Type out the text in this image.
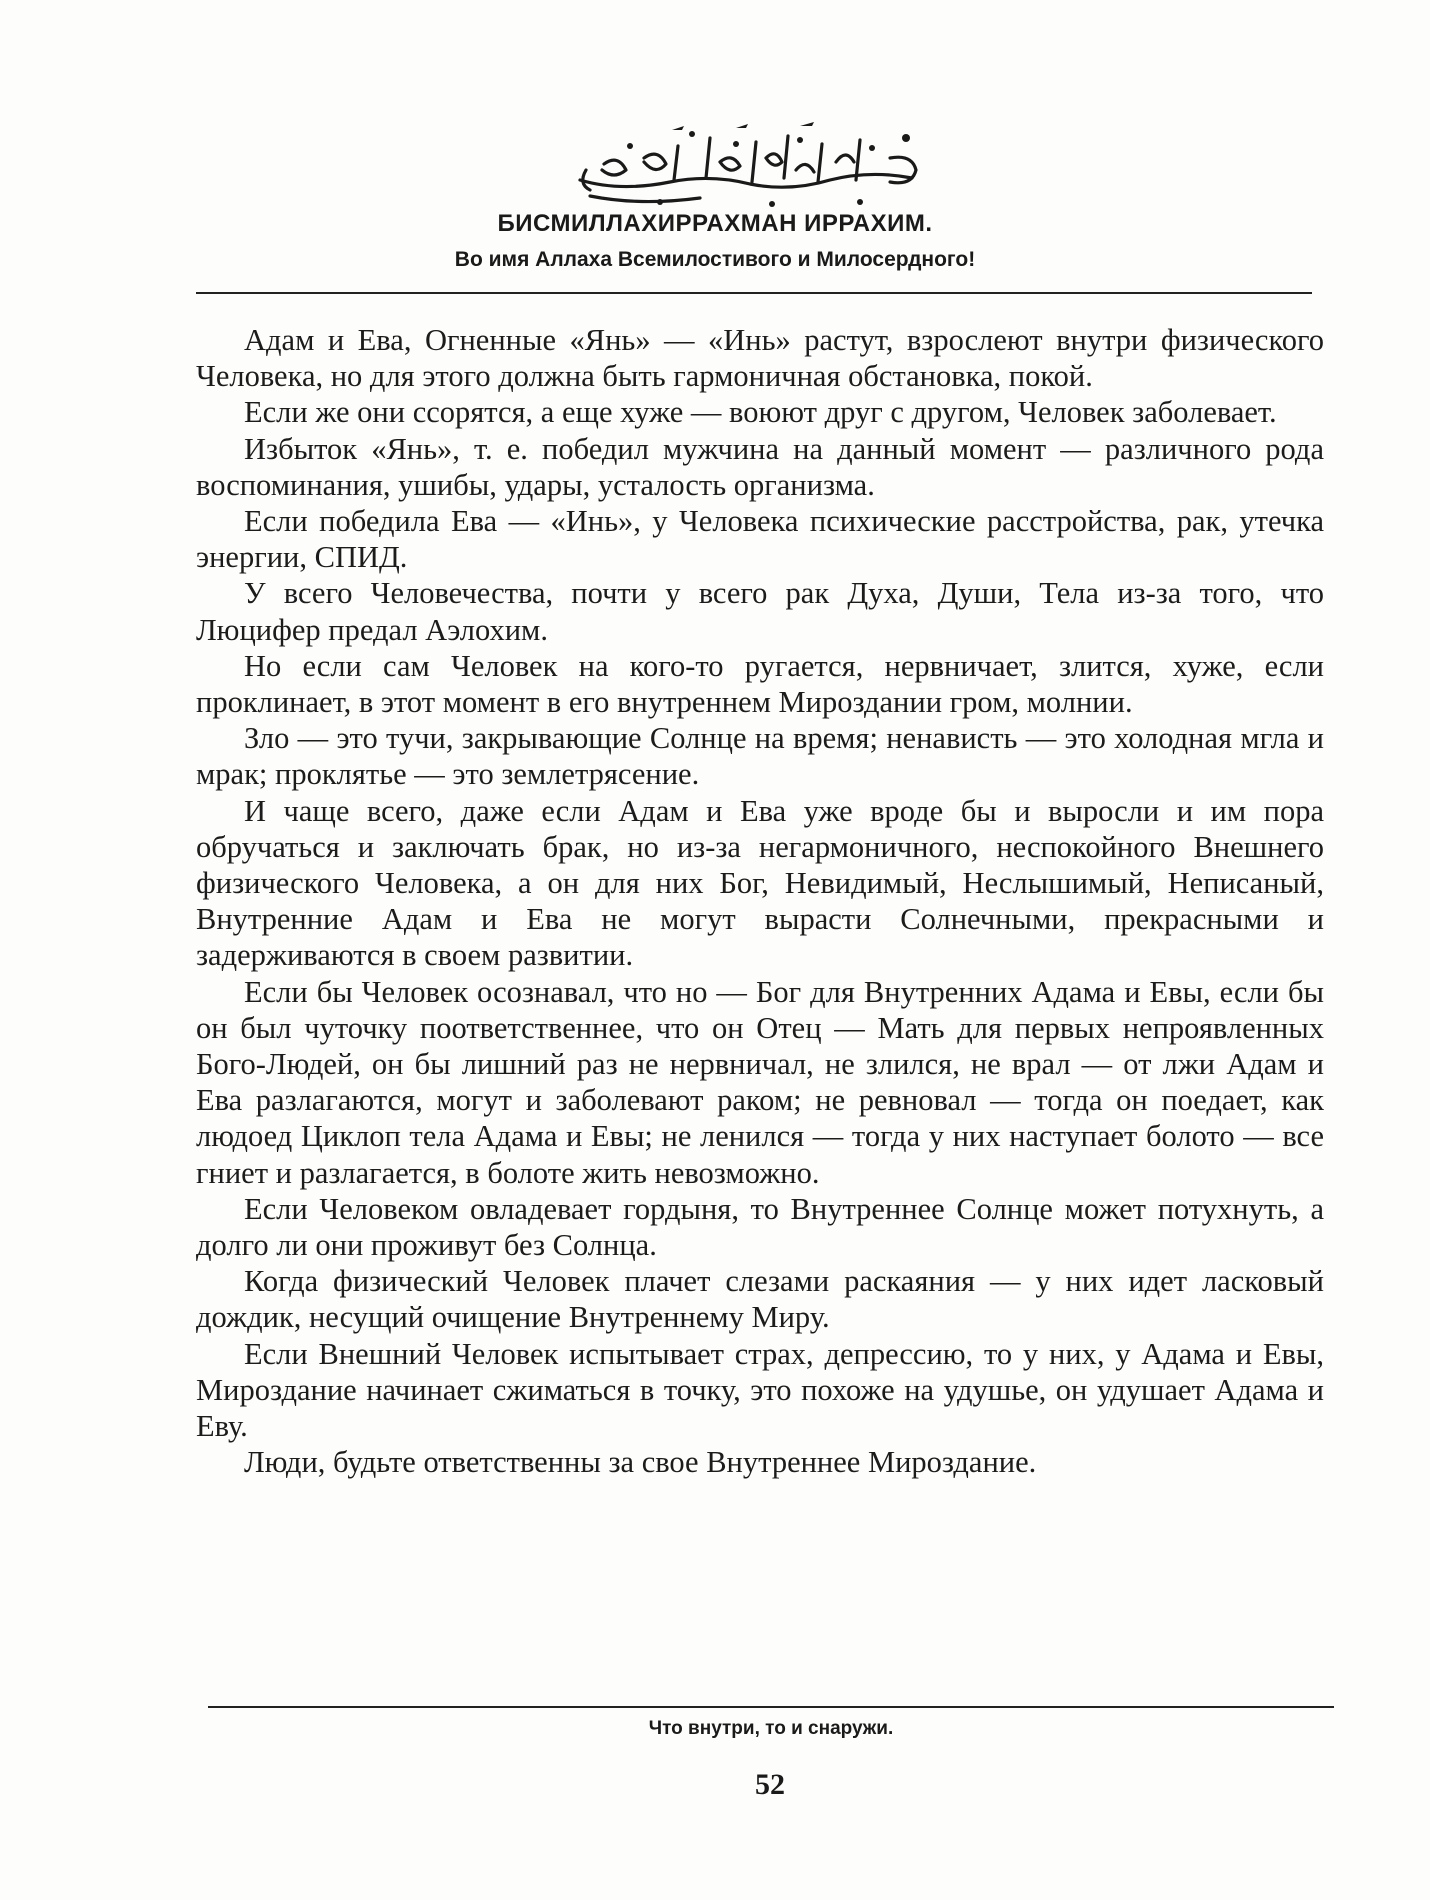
БИСМИЛЛАХИРРАХМАН ИРРАХИМ.
Во имя Аллаха Всемилостивого и Милосердного!

Адам и Ева, Огненные «Янь» — «Инь» растут, взрослеют внутри физического Человека, но для этого должна быть гармоничная обстановка, покой.

Если же они ссорятся, а еще хуже — воюют друг с другом, Человек заболевает.

Избыток «Янь», т. е. победил мужчина на данный момент — различного рода воспоминания, ушибы, удары, усталость организма.

Если победила Ева — «Инь», у Человека психические расстройства, рак, утечка энергии, СПИД.

У всего Человечества, почти у всего рак Духа, Души, Тела из-за того, что Люцифер предал Аэлохим.

Но если сам Человек на кого-то ругается, нервничает, злится, хуже, если проклинает, в этот момент в его внутреннем Мироздании гром, молнии.

Зло — это тучи, закрывающие Солнце на время; ненависть — это холодная мгла и мрак; проклятье — это землетрясение.

И чаще всего, даже если Адам и Ева уже вроде бы и выросли и им пора обручаться и заключать брак, но из-за негармоничного, неспокойного Внешнего физического Человека, а он для них Бог, Невидимый, Неслышимый, Неписаный, Внутренние Адам и Ева не могут вырасти Солнечными, прекрасными и задерживаются в своем развитии.

Если бы Человек осознавал, что но — Бог для Внутренних Адама и Евы, если бы он был чуточку поответственнее, что он Отец — Мать для первых непроявленных Бого-Людей, он бы лишний раз не нервничал, не злился, не врал — от лжи Адам и Ева разлагаются, могут и заболевают раком; не ревновал — тогда он поедает, как людоед Циклоп тела Адама и Евы; не ленился — тогда у них наступает болото — все гниет и разлагается, в болоте жить невозможно.

Если Человеком овладевает гордыня, то Внутреннее Солнце может потухнуть, а долго ли они проживут без Солнца.

Когда физический Человек плачет слезами раскаяния — у них идет ласковый дождик, несущий очищение Внутреннему Миру.

Если Внешний Человек испытывает страх, депрессию, то у них, у Адама и Евы, Мироздание начинает сжиматься в точку, это похоже на удушье, он удушает Адама и Еву.

Люди, будьте ответственны за свое Внутреннее Мироздание.

Что внутри, то и снаружи.

52
